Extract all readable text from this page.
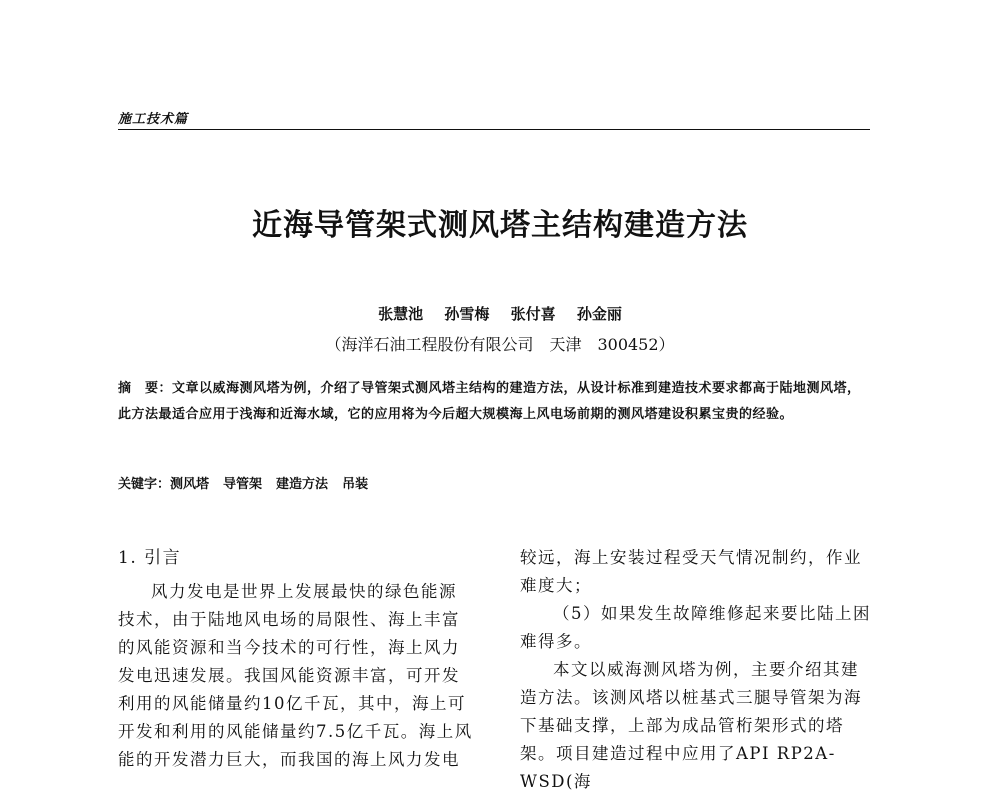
施工技术篇
近海导管架式测风塔主结构建造方法
张慧池 孙雪梅 张付喜 孙金丽
（海洋石油工程股份有限公司　天津　300452）
摘　要：文章以威海测风塔为例，介绍了导管架式测风塔主结构的建造方法，从设计标准到建造技术要求都高于陆地测风塔，此方法最适合应用于浅海和近海水域，它的应用将为今后超大规模海上风电场前期的测风塔建设积累宝贵的经验。
关键字：测风塔 导管架 建造方法 吊装
1. 引言

风力发电是世界上发展最快的绿色能源技术，由于陆地风电场的局限性、海上丰富的风能资源和当今技术的可行性，海上风力发电迅速发展。我国风能资源丰富，可开发利用的风能储量约10亿千瓦，其中，海上可开发和利用的风能储量约7.5亿千瓦。海上风能的开发潜力巨大，而我国的海上风力发电

较远，海上安装过程受天气情况制约，作业难度大；

（5）如果发生故障维修起来要比陆上困难得多。

本文以威海测风塔为例，主要介绍其建造方法。该测风塔以桩基式三腿导管架为海下基础支撑，上部为成品管桁架形式的塔架。项目建造过程中应用了API RP2A-WSD(海
